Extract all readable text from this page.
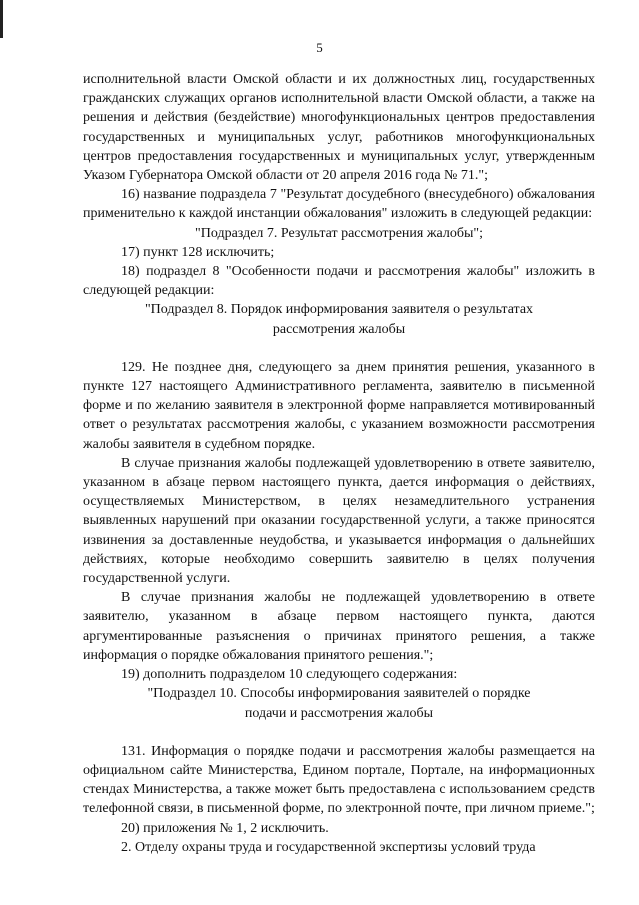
5

исполнительной власти Омской области и их должностных лиц, государственных гражданских служащих органов исполнительной власти Омской области, а также на решения и действия (бездействие) многофункциональных центров предоставления государственных и муниципальных услуг, работников многофункциональных центров предоставления государственных и муниципальных услуг, утвержденным Указом Губернатора Омской области от 20 апреля 2016 года № 71.";

16) название подраздела 7 "Результат досудебного (внесудебного) обжалования применительно к каждой инстанции обжалования" изложить в следующей редакции:

"Подраздел 7. Результат рассмотрения жалобы";

17) пункт 128 исключить;

18) подраздел 8 "Особенности подачи и рассмотрения жалобы" изложить в следующей редакции:

"Подраздел 8. Порядок информирования заявителя о результатах

рассмотрения жалобы

129. Не позднее дня, следующего за днем принятия решения, указанного в пункте 127 настоящего Административного регламента, заявителю в письменной форме и по желанию заявителя в электронной форме направляется мотивированный ответ о результатах рассмотрения жалобы, с указанием возможности рассмотрения жалобы заявителя в судебном порядке.

В случае признания жалобы подлежащей удовлетворению в ответе заявителю, указанном в абзаце первом настоящего пункта, дается информация о действиях, осуществляемых Министерством, в целях незамедлительного устранения выявленных нарушений при оказании государственной услуги, а также приносятся извинения за доставленные неудобства, и указывается информация о дальнейших действиях, которые необходимо совершить заявителю в целях получения государственной услуги.

В случае признания жалобы не подлежащей удовлетворению в ответе заявителю, указанном в абзаце первом настоящего пункта, даются аргументированные разъяснения о причинах принятого решения, а также информация о порядке обжалования принятого решения.";

19) дополнить подразделом 10 следующего содержания:

"Подраздел 10. Способы информирования заявителей о порядке

подачи и рассмотрения жалобы

131. Информация о порядке подачи и рассмотрения жалобы размещается на официальном сайте Министерства, Едином портале, Портале, на информационных стендах Министерства, а также может быть предоставлена с использованием средств телефонной связи, в письменной форме, по электронной почте, при личном приеме.";

20) приложения № 1, 2 исключить.

2. Отделу охраны труда и государственной экспертизы условий труда
